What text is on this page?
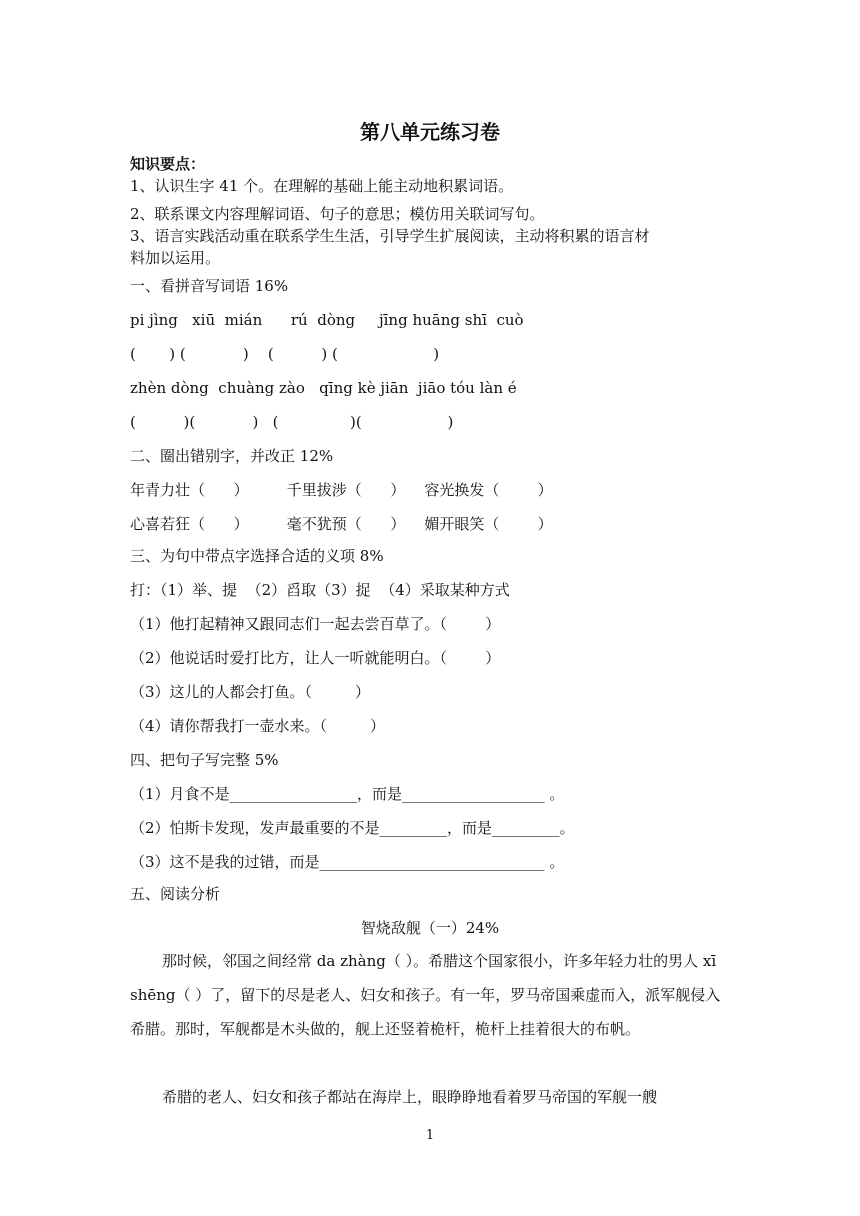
第八单元练习卷
知识要点：
1、认识生字 41 个。在理解的基础上能主动地积累词语。
2、联系课文内容理解词语、句子的意思；模仿用关联词写句。
3、语言实践活动重在联系学生生活，引导学生扩展阅读，主动将积累的语言材
料加以运用。
一、看拼音写词语 16%
pi jìng   xiū  mián      rú  dòng     jīng huāng shī  cuò
(       ) (            )    (          ) (                    )
zhèn dòng  chuàng zào   qīng kè jiān  jiāo tóu làn é
(          )(            )   (               )(                  )
二、圈出错别字，并改正 12%
年青力壮（      ）        千里拔涉（      ）    容光换发（        ）
心喜若狂（      ）        毫不犹预（      ）    媚开眼笑（        ）
三、为句中带点字选择合适的义项 8%
打：（1）举、提  （2）舀取（3）捉  （4）采取某种方式
（1）他打起精神又跟同志们一起去尝百草了。（        ）
（2）他说话时爱打比方，让人一听就能明白。（        ）
（3）这儿的人都会打鱼。（         ）
（4）请你帮我打一壶水来。（         ）
四、把句子写完整 5%
（1）月食不是_________________，而是___________________ 。
（2）怕斯卡发现，发声最重要的不是_________，而是_________。
（3）这不是我的过错，而是______________________________ 。
五、阅读分析
智烧敌舰（一）24%
那时候，邻国之间经常 da zhàng（ ）。希腊这个国家很小，许多年轻力壮的男人 xī shēng（ ）了，留下的尽是老人、妇女和孩子。有一年，罗马帝国乘虚而入，派军舰侵入希腊。那时，军舰都是木头做的，舰上还竖着桅杆，桅杆上挂着很大的布帆。
希腊的老人、妇女和孩子都站在海岸上，眼睁睁地看着罗马帝国的军舰一艘
1
